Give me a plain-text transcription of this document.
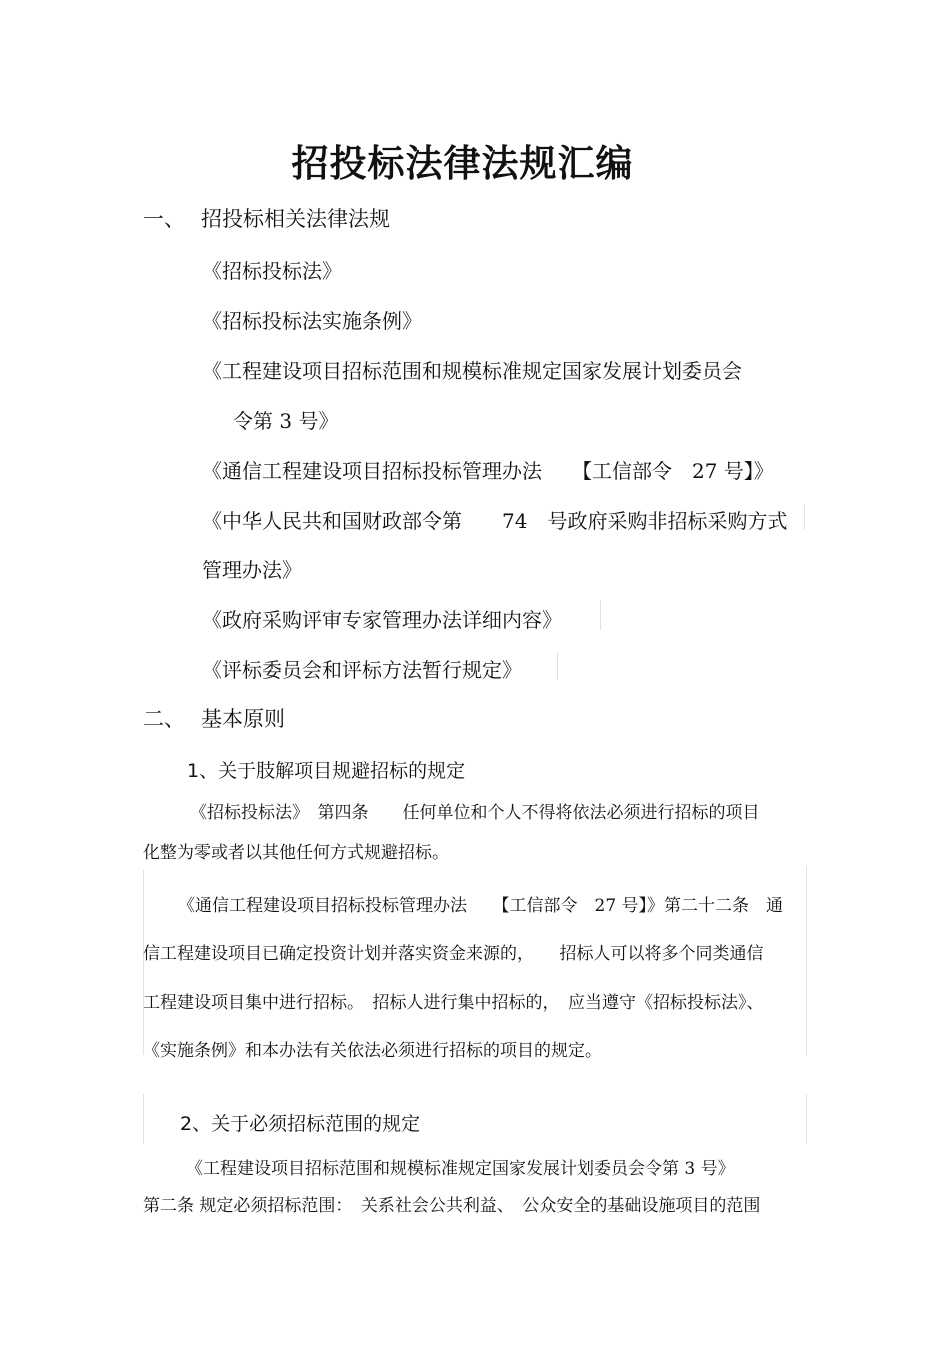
招投标法律法规汇编
一、 招投标相关法律法规
《招标投标法》
《招标投标法实施条例》
《工程建设项目招标范围和规模标准规定国家发展计划委员会
令第 3 号》
《通信工程建设项目招标投标管理办法　　【工信部令　27 号】》
《中华人民共和国财政部令第　　74　号政府采购非招标采购方式
管理办法》
《政府采购评审专家管理办法详细内容》
《评标委员会和评标方法暂行规定》
二、 基本原则
1、关于肢解项目规避招标的规定
《招标投标法》　第四条　　任何单位和个人不得将依法必须进行招标的项目
化整为零或者以其他任何方式规避招标。
《通信工程建设项目招标投标管理办法　　【工信部令　27 号】》第二十二条　通
信工程建设项目已确定投资计划并落实资金来源的，　　招标人可以将多个同类通信
工程建设项目集中进行招标。　招标人进行集中招标的，　应当遵守《招标投标法》、
《实施条例》和本办法有关依法必须进行招标的项目的规定。
2、关于必须招标范围的规定
《工程建设项目招标范围和规模标准规定国家发展计划委员会令第 3 号》
第二条 规定必须招标范围：　关系社会公共利益、　公众安全的基础设施项目的范围
